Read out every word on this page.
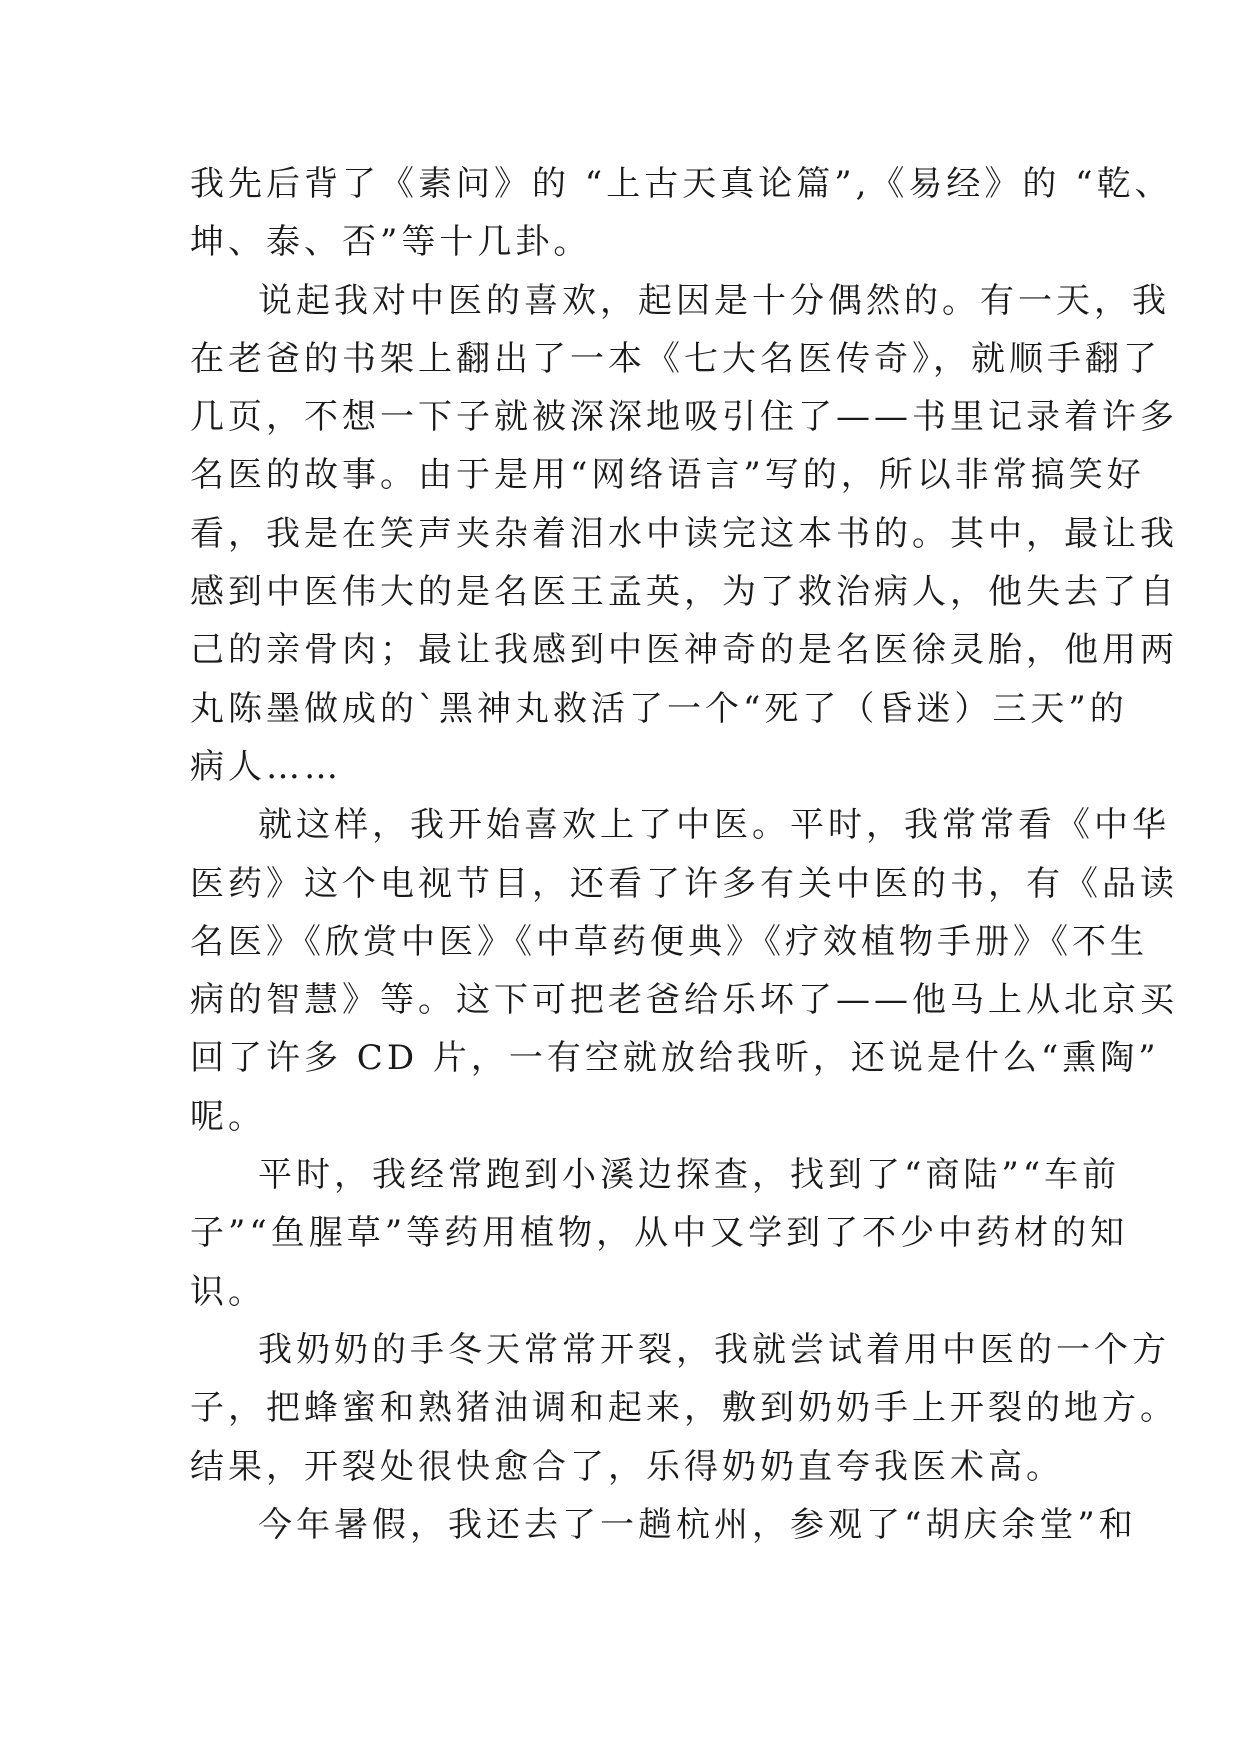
我先后背了《素问》的 “上古天真论篇”,《易经》的 “乾、
坤、泰、否”等十几卦。
说起我对中医的喜欢，起因是十分偶然的。有一天，我
在老爸的书架上翻出了一本《七大名医传奇》，就顺手翻了
几页，不想一下子就被深深地吸引住了——书里记录着许多
名医的故事。由于是用“网络语言”写的，所以非常搞笑好
看，我是在笑声夹杂着泪水中读完这本书的。其中，最让我
感到中医伟大的是名医王孟英，为了救治病人，他失去了自
己的亲骨肉；最让我感到中医神奇的是名医徐灵胎，他用两
丸陈墨做成的`黑神丸救活了一个“死了（昏迷）三天”的
病人……
就这样，我开始喜欢上了中医。平时，我常常看《中华
医药》这个电视节目，还看了许多有关中医的书，有《品读
名医》《欣赏中医》《中草药便典》《疗效植物手册》《不生
病的智慧》等。这下可把老爸给乐坏了——他马上从北京买
回了许多 CD 片，一有空就放给我听，还说是什么“熏陶”
呢。
平时，我经常跑到小溪边探查，找到了“商陆”“车前
子”“鱼腥草”等药用植物，从中又学到了不少中药材的知
识。
我奶奶的手冬天常常开裂，我就尝试着用中医的一个方
子，把蜂蜜和熟猪油调和起来，敷到奶奶手上开裂的地方。
结果，开裂处很快愈合了，乐得奶奶直夸我医术高。
今年暑假，我还去了一趟杭州，参观了“胡庆余堂”和
